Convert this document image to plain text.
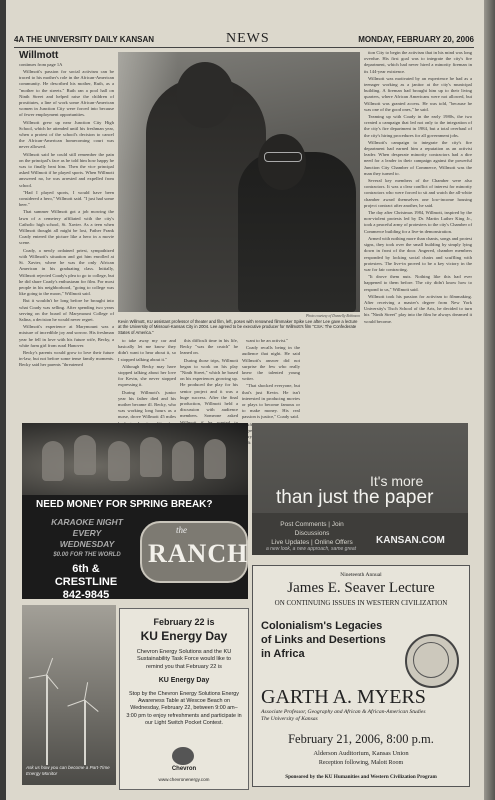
4A THE UNIVERSITY DAILY KANSAN	NEWS	MONDAY, FEBRUARY 20, 2006
Willmott
continues from page 1A

Willmott's passion for social activism can be traced to his mother's role in the African-American community. He described his mother, Ruth, as a "mother to the streets." Ruth ran a pool hall on Ninth Street and helped raise the children of prostitutes, a line of work some African-American women in Junction City were forced into because of fewer employment opportunities.

Willmott grew up near Junction City High School, which he attended until his freshman year, when a protest of the school's decision to cancel the African-American homecoming court was never allowed.

Willmott said he could still remember the pain on the principal's face as he told him how happy he was to finally beat him. Then the vice principal asked Willmott if he played sports. When Willmott answered no, he was arrested and expelled from school.

"Had I played sports, I would have been considered a hero," Willmott said. "I just had some beer."

That summer Willmott got a job mowing the lawn of a cemetery affiliated with the city's Catholic high school, St. Xavier. As a teen when Willmott thought all might be lost, Father Frank Coady entered the picture like a hero in a movie scene.

Coady, a newly ordained priest, sympathized with Willmott's situation and got him enrolled at St. Xavier, where he was the only African American in his graduating class. Initially, Willmott rejected Coady's plea to go to college, but he did share Coady's enthusiasm for film. For most people in his neighborhood, "going to college was like going to the moon," Willmott said.

But it wouldn't be long before he brought into what Coady was selling. After spending two years serving on the board of Marymount College of Salina, a decision he would never regret.

Willmott's experience at Marymount was a mixture of incredible joy and sorrow. His freshman year he fell in love with his future wife, Becky, a white farm girl from rural Hanover.

Becky's parents would grow to love their future in-law, but not before some tense family moments. Becky said her parents "threatened

Photo courtesy of Donnelly Robinson
Kevin Willmott, KU assistant professor of theater and film, left, poses with renowned filmmaker Spike Lee after Lee gave a lecture at the University of Missouri-Kansas City in 2004. Lee agreed to be executive producer for Willmott's film "CSA: The Confederate States of America."

to take away my car and basically let me know they didn't want to hear about it, so I stopped talking about it."

Although Becky may have stopped talking about her love for Kevin, she never stopped expressing it.

During Willmott's junior year his father died and his mother became ill. Becky, who was working long hours as a nurse, drove Willmott 45 miles

this difficult time in his life, Becky "was the crutch" he leaned on.

During those trips, Willmott began to work on his play "Ninth Street," which he based on his experiences growing up. He produced the play for his senior project and it was a huge success. After the final production, Willmott held a discussion with audience members. Someone asked

want to be an activist."

Coady recalls being in the audience that night. He said Willmott's answer did not surprise the few who really knew the talented young writer.

"That shocked everyone, but that's just Kevin. He isn't interested in producing movies or plays to become famous or to make money. His real passion is justice," Coady said.

After degree

tion City to begin the activism that in his mind was long overdue. His first goal was to integrate the city's fire department, which had never hired a minority fireman in its 144-year existence.

Willmott was motivated by an experience he had as a teenager working as a janitor at the city's municipal building. A fireman had brought him up to their living quarters, where African Americans were not allowed, but Willmott was granted access. He was told, "because he was one of the good ones," he said.

Teaming up with Coady in the early 1980s, the two created a campaign that led not only to the integration of the city's fire department in 1984, but a total overhaul of the city's hiring procedures for all government jobs.

Willmott's campaign to integrate the city's fire department had earned him a reputation as an activist leader. When desperate minority contractors had a dire need for a leader in their campaign against the powerful Junction City Chamber of Commerce, Willmott was the man they turned to.

Several key members of the Chamber were also contractors. It was a clear conflict of interest for minority contractors who were forced to sit and watch the all-white chamber award themselves one low-income housing project contract after another, he said.

The day after Christmas 1984, Willmott, inspired by the non-violent protests led by Dr. Martin Luther King Jr., took a peaceful army of protesters to the city's Chamber of Commerce building for a live-in demonstration.

Armed with nothing more than chants, songs and protest signs, they took over the small building by simply lying down in front of the door. Angered, chamber members responded by locking social chairs and scuffling with protesters. The live-in proved to be a key victory in the war for fair contracting.

"It drove them nuts. Nothing like this had ever happened to them before. The city didn't know how to respond to us," Willmott said.

Willmott took his passion for activism to filmmaking. After receiving a master's degree from New York University's Tisch School of the Arts, he decided to turn his "Ninth Street" play into the film he always dreamed it would become.

NEED MONEY FOR SPRING BREAK?
KARAOKE NIGHT
EVERY
WEDNESDAY
$0.00 FOR THE WORLD
6th & CRESTLINE
842-9845
the
RANCH
It's more
than just the paper
Post Comments | Join Discussions
Live Updates | Online Offers	KANSAN.COM
a new look, a new approach, same great
Nineteenth Annual
James E. Seaver Lecture
ON CONTINUING ISSUES IN WESTERN CIVILIZATION
Colonialism's Legacies
of Links and Desertions
in Africa
GARTH A. MYERS
Associate Professor, Geography and African & African-American Studies
The University of Kansas
February 21, 2006, 8:00 p.m.
Alderson Auditorium, Kansas Union
Reception following, Malott Room
Sponsored by the KU Humanities and Western Civilization Program
Ask us how you can become a Part-Time Energy Monitor
February 22 is
KU Energy Day
Chevron Energy Solutions and the KU Sustainability Task Force would like to remind you that February 22 is
KU Energy Day
Stop by the Chevron Energy Solutions Energy Awareness Table at Wescoe Beach on Wednesday, February 22, between 9:00 am–3:00 pm to enjoy refreshments and participate in our Light Switch Pocket Contest.
Chevron
www.chevronenergy.com
